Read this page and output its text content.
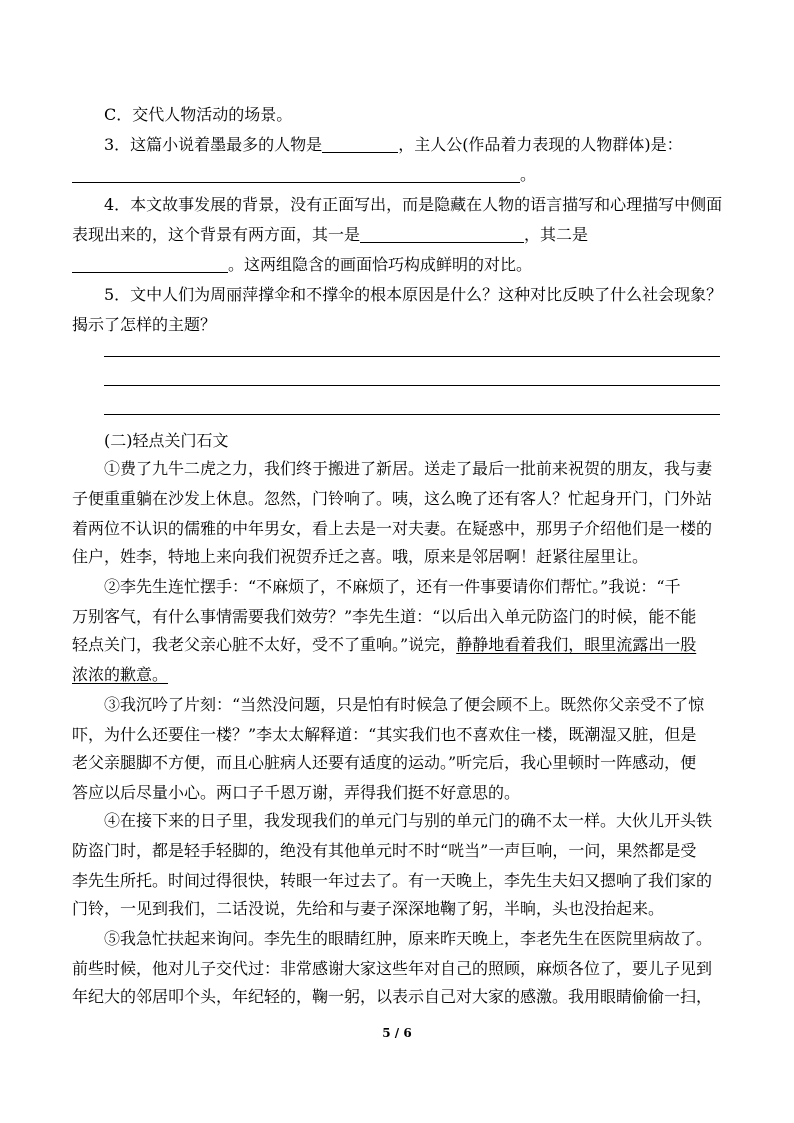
C．交代人物活动的场景。
3．这篇小说着墨最多的人物是	，主人公(作品着力表现的人物群体)是：
。
4．本文故事发展的背景，没有正面写出，而是隐藏在人物的语言描写和心理描写中侧面
表现出来的，这个背景有两方面，其一是	，其二是
。这两组隐含的画面恰巧构成鲜明的对比。
5．文中人们为周丽萍撑伞和不撑伞的根本原因是什么？这种对比反映了什么社会现象？
揭示了怎样的主题？
(二)轻点关门石文
①费了九牛二虎之力，我们终于搬进了新居。送走了最后一批前来祝贺的朋友，我与妻
子便重重躺在沙发上休息。忽然，门铃响了。咦，这么晚了还有客人？忙起身开门，门外站
着两位不认识的儒雅的中年男女，看上去是一对夫妻。在疑惑中，那男子介绍他们是一楼的
住户，姓李，特地上来向我们祝贺乔迁之喜。哦，原来是邻居啊！赶紧往屋里让。
②李先生连忙摆手：“不麻烦了，不麻烦了，还有一件事要请你们帮忙。”我说：“千
万别客气，有什么事情需要我们效劳？”李先生道：“以后出入单元防盗门的时候，能不能
轻点关门，我老父亲心脏不太好，受不了重响。”说完，静静地看着我们，眼里流露出一股
浓浓的歉意。
③我沉吟了片刻：“当然没问题，只是怕有时候急了便会顾不上。既然你父亲受不了惊
吓，为什么还要住一楼？”李太太解释道：“其实我们也不喜欢住一楼，既潮湿又脏，但是
老父亲腿脚不方便，而且心脏病人还要有适度的运动。”听完后，我心里顿时一阵感动，便
答应以后尽量小心。两口子千恩万谢，弄得我们挺不好意思的。
④在接下来的日子里，我发现我们的单元门与别的单元门的确不太一样。大伙儿开头铁
防盗门时，都是轻手轻脚的，绝没有其他单元时不时“咣当”一声巨响，一问，果然都是受
李先生所托。时间过得很快，转眼一年过去了。有一天晚上，李先生夫妇又摁响了我们家的
门铃，一见到我们，二话没说，先给和与妻子深深地鞠了躬，半晌，头也没抬起来。
⑤我急忙扶起来询问。李先生的眼睛红肿，原来昨天晚上，李老先生在医院里病故了。
前些时候，他对儿子交代过：非常感谢大家这些年对自己的照顾，麻烦各位了，要儿子见到
年纪大的邻居叩个头，年纪轻的，鞠一躬，以表示自己对大家的感激。我用眼睛偷偷一扫，
5 / 6
